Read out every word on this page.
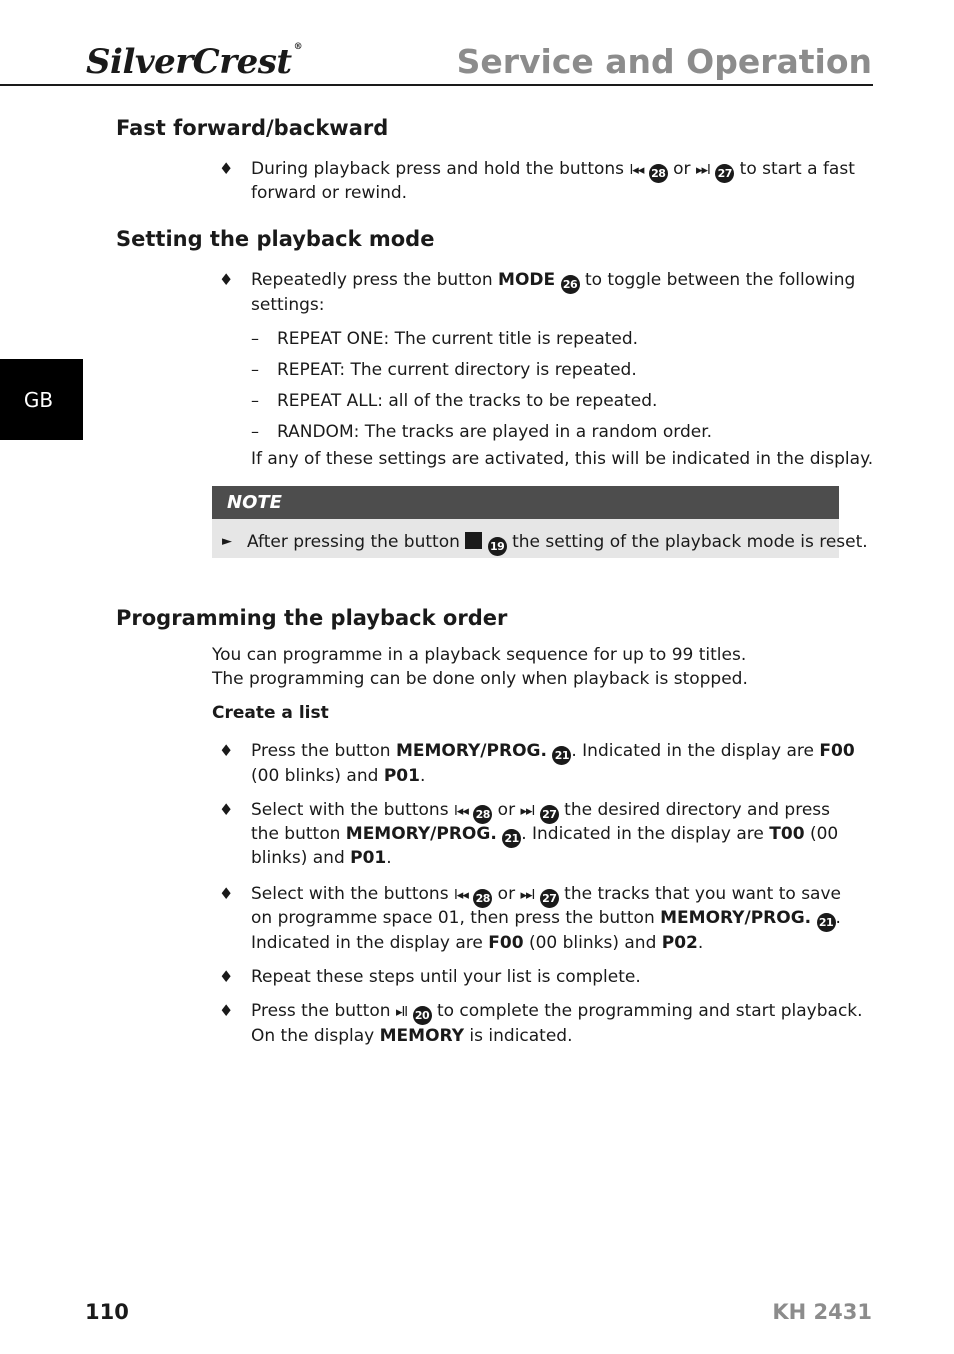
SilverCrest ®	Service and Operation
GB
Fast forward/backward
♦ During playback press and hold the buttons I◂◂ 28 or ▸▸I 27 to start a fast
forward or rewind.
Setting the playback mode
♦ Repeatedly press the button MODE 26 to toggle between the following
settings:
– REPEAT ONE: The current title is repeated.
– REPEAT: The current directory is repeated.
– REPEAT ALL: all of the tracks to be repeated.
– RANDOM: The tracks are played in a random order.
If any of these settings are activated, this will be indicated in the display.
NOTE
► After pressing the button	19 the setting of the playback mode is reset.
Programming the playback order
You can programme in a playback sequence for up to 99 titles.
The programming can be done only when playback is stopped.
Create a list
♦ Press the button MEMORY/PROG. 21 . Indicated in the display are F00
(00 blinks) and P01.
♦ Select with the buttons I◂◂ 28 or ▸▸I 27 the desired directory and press
the button MEMORY/PROG. 21 . Indicated in the display are T00 (00
blinks) and P01.
♦ Select with the buttons I◂◂ 28 or ▸▸I 27 the tracks that you want to save
on programme space 01, then press the button MEMORY/PROG. 21 .
Indicated in the display are F00 (00 blinks) and P02.
♦ Repeat these steps until your list is complete.
♦ Press the button ▸II 20 to complete the programming and start playback.
On the display MEMORY is indicated.
110	KH 2431
